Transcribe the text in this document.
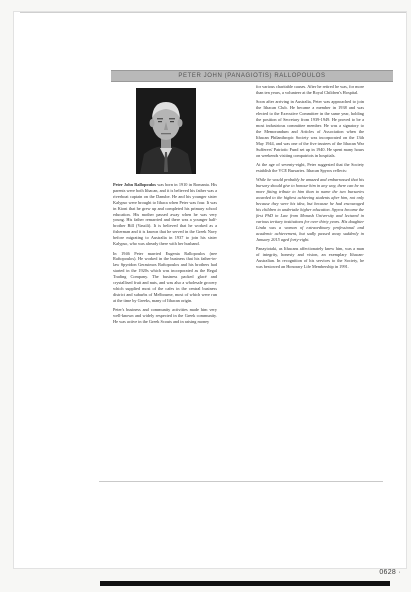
PETER JOHN (PANAGIOTIS) RALLOPOULOS

Peter John Rallopoulos was born in 1910 in Romania. His parents were both Ithacan, and it is believed his father was a riverboat captain on the Danube. He and his younger sister Kalypso were brought to Ithaca when Peter was four. It was in Kioni that he grew up and completed his primary school education. His mother passed away when he was very young. His father remarried and there was a younger half-brother Bill (Vassili). It is believed that he worked as a fisherman and it is known that he served in the Greek Navy before migrating to Australia in 1937 to join his sister Kalypso, who was already there with her husband.

In 1946 Peter married Eugenia Rallopoulos (nee Raftopoulos). He worked in the business that his father-in-law Spyridon Gerasimos Raftopoulos and his brothers had started in the 1920s which was incorporated as the Regal Trading Company. The business packed glacé and crystallised fruit and nuts, and was also a wholesale grocery which supplied most of the cafes in the central business district and suburbs of Melbourne, most of which were run at the time by Greeks, many of Ithacan origin.

Peter's business and community activities made him very well-known and widely respected in the Greek community. He was active in the Greek Scouts and in raising money

for various charitable causes. After he retired he was, for more than ten years, a volunteer at the Royal Children's Hospital.

Soon after arriving in Australia, Peter was approached to join the Ithacan Club. He became a member in 1938 and was elected to the Executive Committee in the same year, holding the position of Secretary from 1939-1949. He proved to be a most industrious committee member. He was a signatory to the Memorandum and Articles of Association when the Ithacan Philanthropic Society was incorporated on the 13th May 1944, and was one of the five trustees of the Ithacan War Sufferers' Patriotic Fund set up in 1940. He spent many hours on weekends visiting compatriots in hospitals.

At the age of seventy-eight, Peter suggested that the Society establish the VCE Bursaries. Ithacan Spyros reflects:

While he would probably be amazed and embarrassed that his bursary should give to honour him in any way, there can be no more fitting tribute to him than to name the two bursaries awarded to the highest achieving students after him, not only because they were his idea, but because he had encouraged his children to undertake higher education. Spyros became the first PhD in Law from Monash University and lectured in various tertiary institutions for over thirty years. His daughter Linda was a woman of extraordinary professional and academic achievement, but sadly passed away suddenly in January 2015 aged forty-eight.

Panayiotaki, as Ithacans affectionately knew him, was a man of integrity, honesty and vision, an exemplary Ithacan-Australian. In recognition of his services to the Society, he was bestowed an Honorary Life Membership in 1991.

0628 ·
